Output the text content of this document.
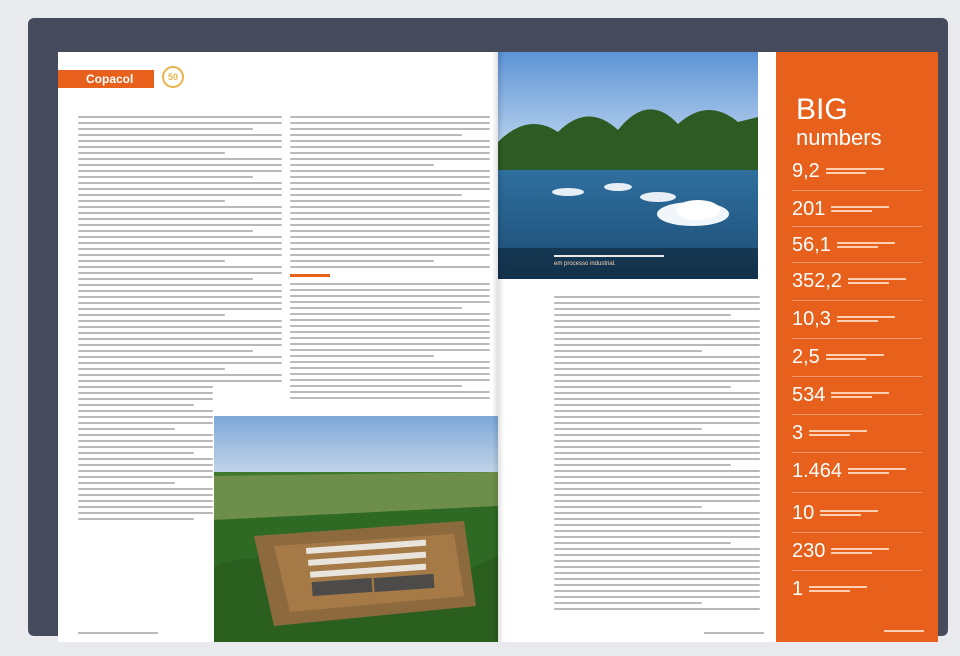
Copacol	50
em processo industrial.
BIG
numbers
9,2
201
56,1
352,2
10,3
2,5
534
3
1.464
10
230
1
